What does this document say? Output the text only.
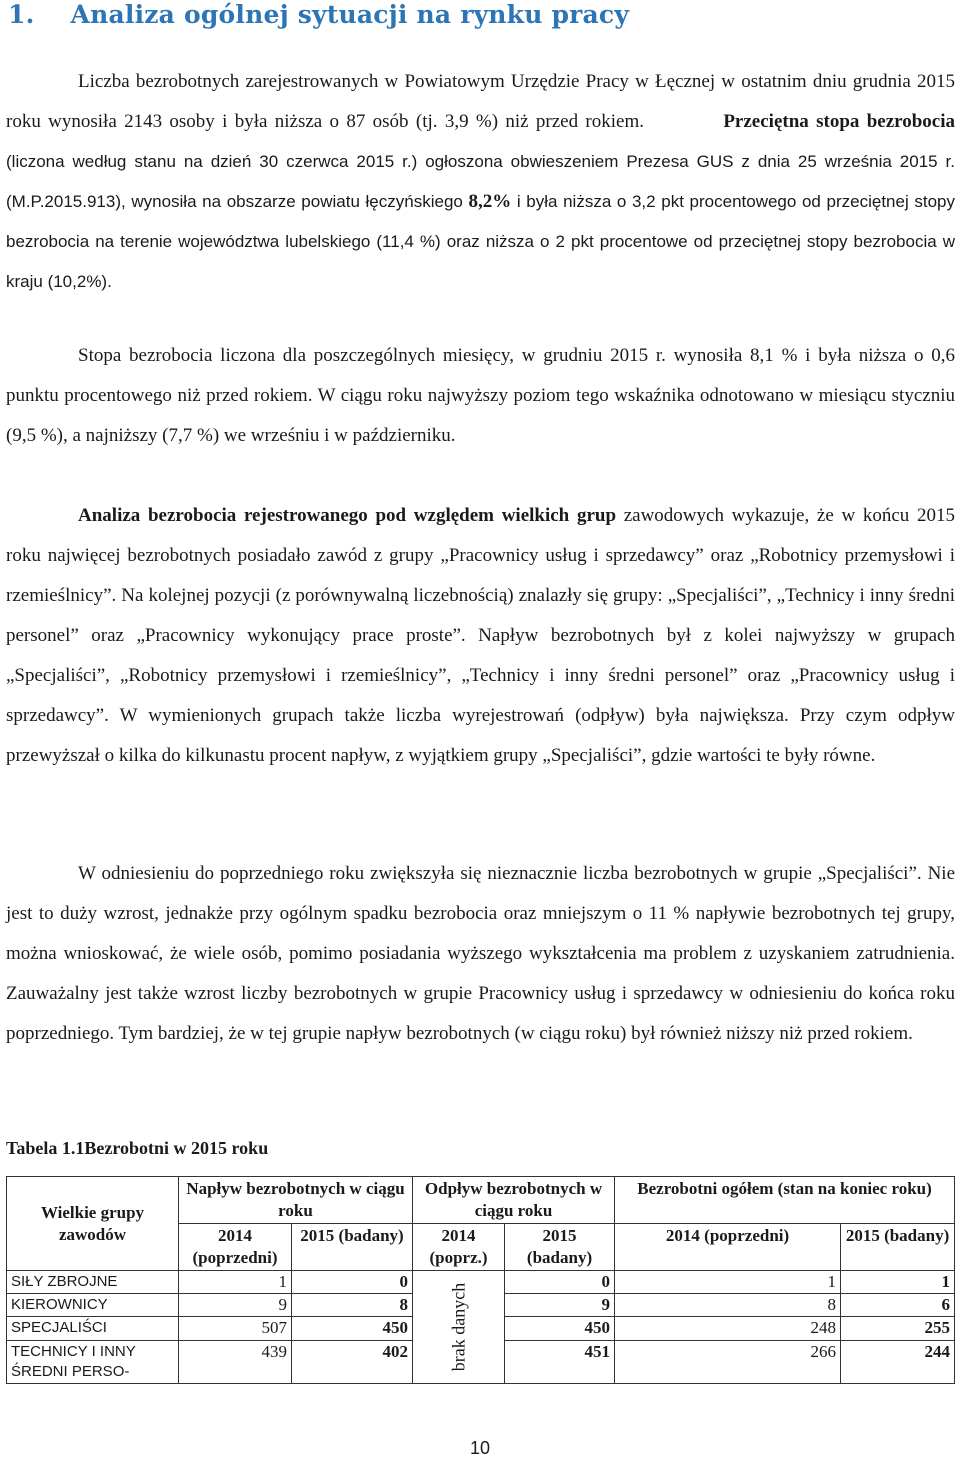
1. Analiza ogólnej sytuacji na rynku pracy
Liczba bezrobotnych zarejestrowanych w Powiatowym Urzędzie Pracy w Łęcznej w ostatnim dniu grudnia 2015 roku wynosiła 2143 osoby i była niższa o 87 osób (tj. 3,9 %) niż przed rokiem.	Przeciętna stopa bezrobocia (liczona według stanu na dzień 30 czerwca 2015 r.) ogłoszona obwieszeniem Prezesa GUS z dnia 25 września 2015 r.(M.P.2015.913), wynosiła na obszarze powiatu łęczyńskiego 8,2% i była niższa o 3,2 pkt procentowego od przeciętnej stopy bezrobocia na terenie województwa lubelskiego (11,4 %) oraz niższa o 2 pkt procentowe od przeciętnej stopy bezrobocia w kraju (10,2%).
Stopa bezrobocia liczona dla poszczególnych miesięcy, w grudniu 2015 r. wynosiła 8,1 % i była niższa o 0,6 punktu procentowego niż przed rokiem. W ciągu roku najwyższy poziom tego wskaźnika odnotowano w miesiącu styczniu (9,5 %), a najniższy (7,7 %) we wrześniu i w październiku.
Analiza bezrobocia rejestrowanego pod względem wielkich grup zawodowych wykazuje, że w końcu 2015 roku najwięcej bezrobotnych posiadało zawód z grupy „Pracownicy usług i sprzedawcy” oraz „Robotnicy przemysłowi i rzemieślnicy”. Na kolejnej pozycji (z porównywalną liczebnością) znalazły się grupy: „Specjaliści”, „Technicy i inny średni personel” oraz „Pracownicy wykonujący prace proste”. Napływ bezrobotnych był z kolei najwyższy w grupach „Specjaliści”, „Robotnicy przemysłowi i rzemieślnicy”, „Technicy i inny średni personel” oraz „Pracownicy usług i sprzedawcy”. W wymienionych grupach także liczba wyrejestrowań (odpływ) była największa. Przy czym odpływ przewyższał o kilka do kilkunastu procent napływ, z wyjątkiem grupy „Specjaliści”, gdzie wartości te były równe.
W odniesieniu do poprzedniego roku zwiększyła się nieznacznie liczba bezrobotnych w grupie „Specjaliści”. Nie jest to duży wzrost, jednakże przy ogólnym spadku bezrobocia oraz mniejszym o 11 % napływie bezrobotnych tej grupy, można wnioskować, że wiele osób, pomimo posiadania wyższego wykształcenia ma problem z uzyskaniem zatrudnienia. Zauważalny jest także wzrost liczby bezrobotnych w grupie Pracownicy usług i sprzedawcy w odniesieniu do końca roku poprzedniego. Tym bardziej, że w tej grupie napływ bezrobotnych (w ciągu roku) był również niższy niż przed rokiem.
Tabela 1.1Bezrobotni w 2015 roku
Wielkie grupy zawodów	Napływ bezrobotnych w ciągu roku		Odpływ bezrobotnych w ciągu roku		Bezrobotni ogółem (stan na koniec roku)	
	2014 (poprzedni)	2015 (badany)	2014 (poprz.)	2015 (badany)	2014 (poprzedni)	2015 (badany)
SIŁY ZBROJNE	1	0	brak danych	0	1	1
KIEROWNICY	9	8		9	8	6
SPECJALIŚCI	507	450		450	248	255
TECHNICY I INNY ŚREDNI PERSO-	439	402		451	266	244
10
